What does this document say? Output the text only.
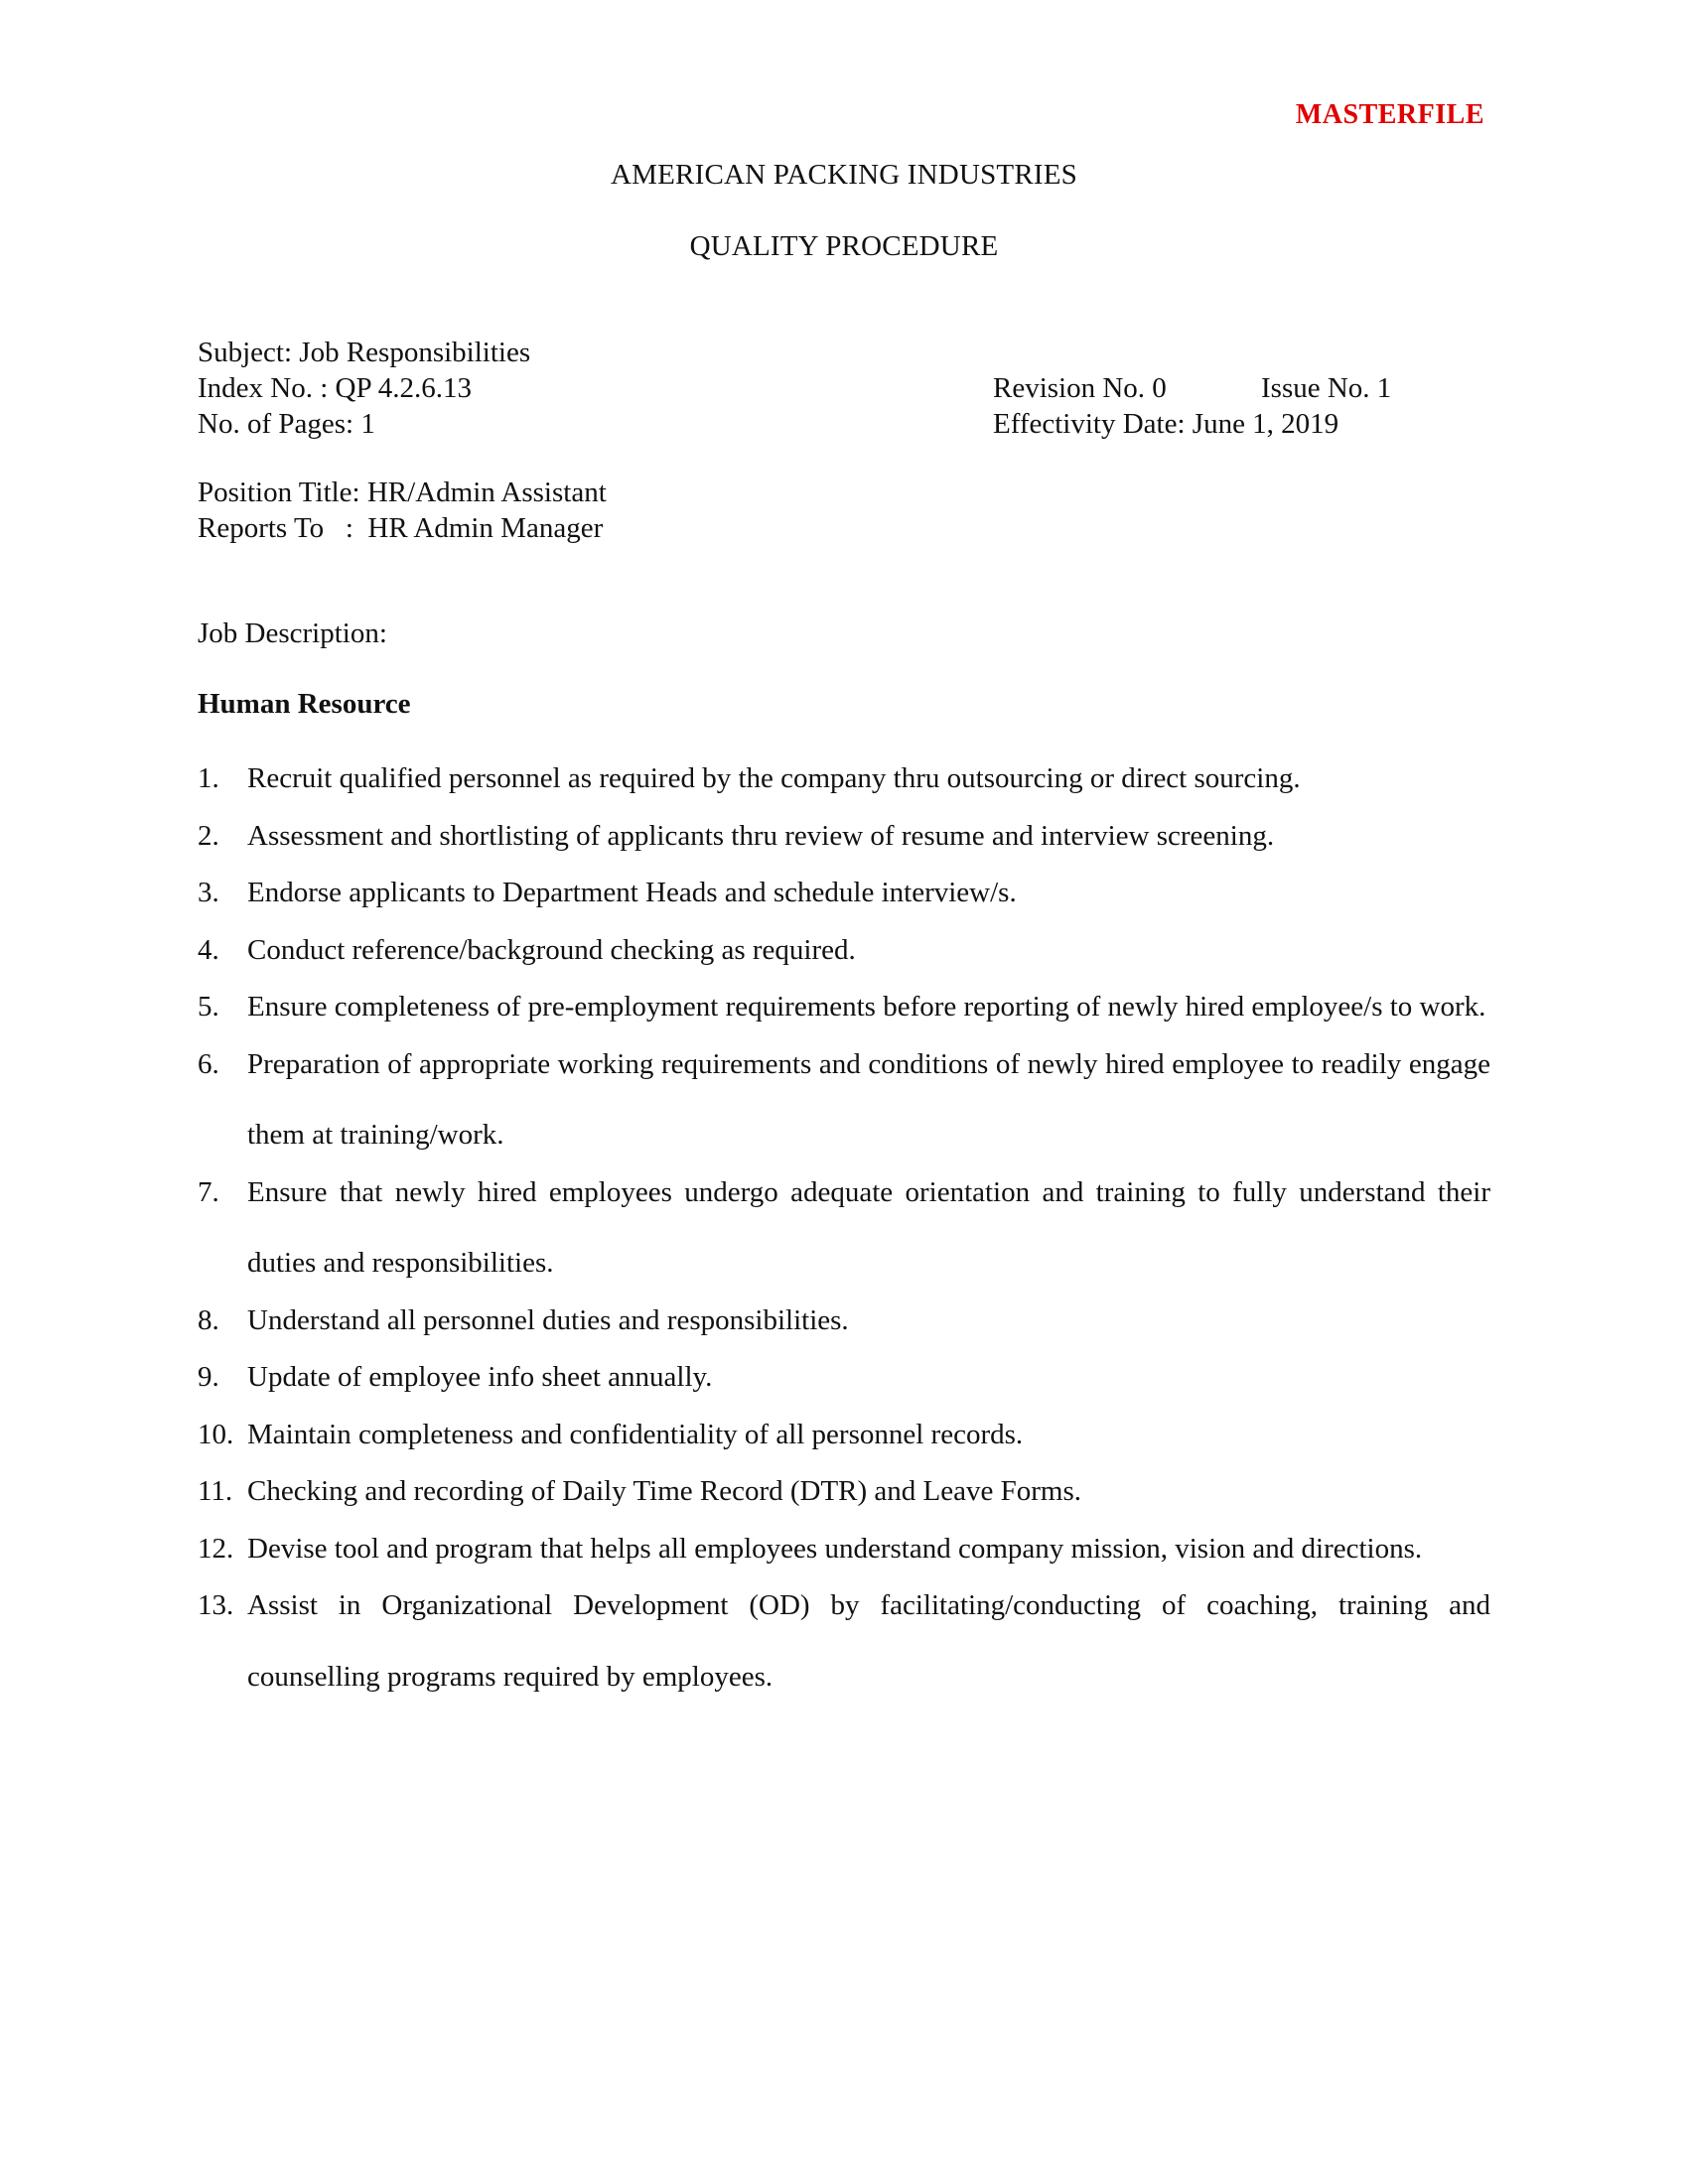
MASTERFILE
AMERICAN PACKING INDUSTRIES
QUALITY PROCEDURE
Subject: Job Responsibilities
Index No. : QP 4.2.6.13
No. of Pages: 1
Revision No. 0	Issue No. 1
Effectivity Date: June 1, 2019
Position Title: HR/Admin Assistant
Reports To   :  HR Admin Manager
Job Description:
Human Resource
1. Recruit qualified personnel as required by the company thru outsourcing or direct sourcing.
2. Assessment and shortlisting of applicants thru review of resume and interview screening.
3. Endorse applicants to Department Heads and schedule interview/s.
4. Conduct reference/background checking as required.
5. Ensure completeness of pre-employment requirements before reporting of newly hired employee/s to work.
6. Preparation of appropriate working requirements and conditions of newly hired employee to readily engage them at training/work.
7. Ensure that newly hired employees undergo adequate orientation and training to fully understand their duties and responsibilities.
8. Understand all personnel duties and responsibilities.
9. Update of employee info sheet annually.
10. Maintain completeness and confidentiality of all personnel records.
11. Checking and recording of Daily Time Record (DTR) and Leave Forms.
12. Devise tool and program that helps all employees understand company mission, vision and directions.
13. Assist in Organizational Development (OD) by facilitating/conducting of coaching, training and counselling programs required by employees.
